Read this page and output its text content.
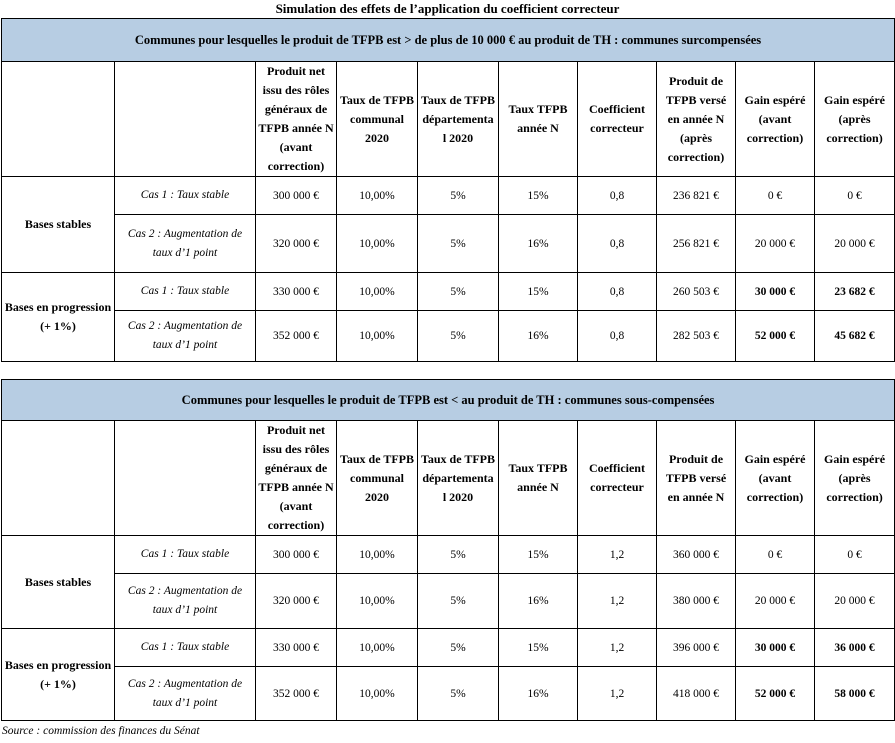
Simulation des effets de l’application du coefficient correcteur
Communes pour lesquelles le produit de TFPB est > de plus de 10 000 € au produit de TH : communes surcompensées									
		Produit net issu des rôles généraux de TFPB année N (avant correction)	Taux de TFPB communal 2020	Taux de TFPB départementa l 2020	Taux TFPB année N	Coefficient correcteur	Produit de TFPB versé en année N (après correction)	Gain espéré (avant correction)	Gain espéré (après correction)
Bases stables	Cas 1 : Taux stable	300 000 €	10,00%	5%	15%	0,8	236 821 €	0 €	0 €
	Cas 2 : Augmentation de taux d’1 point	320 000 €	10,00%	5%	16%	0,8	256 821 €	20 000 €	20 000 €
Bases en progression (+ 1%)	Cas 1 : Taux stable	330 000 €	10,00%	5%	15%	0,8	260 503 €	30 000 €	23 682 €
	Cas 2 : Augmentation de taux d’1 point	352 000 €	10,00%	5%	16%	0,8	282 503 €	52 000 €	45 682 €
Communes pour lesquelles le produit de TFPB est < au produit de TH : communes sous-compensées									
		Produit net issu des rôles généraux de TFPB année N (avant correction)	Taux de TFPB communal 2020	Taux de TFPB départementa l 2020	Taux TFPB année N	Coefficient correcteur	Produit de TFPB versé en année N	Gain espéré (avant correction)	Gain espéré (après correction)
Bases stables	Cas 1 : Taux stable	300 000 €	10,00%	5%	15%	1,2	360 000 €	0 €	0 €
	Cas 2 : Augmentation de taux d’1 point	320 000 €	10,00%	5%	16%	1,2	380 000 €	20 000 €	20 000 €
Bases en progression (+ 1%)	Cas 1 : Taux stable	330 000 €	10,00%	5%	15%	1,2	396 000 €	30 000 €	36 000 €
	Cas 2 : Augmentation de taux d’1 point	352 000 €	10,00%	5%	16%	1,2	418 000 €	52 000 €	58 000 €
Source : commission des finances du Sénat
